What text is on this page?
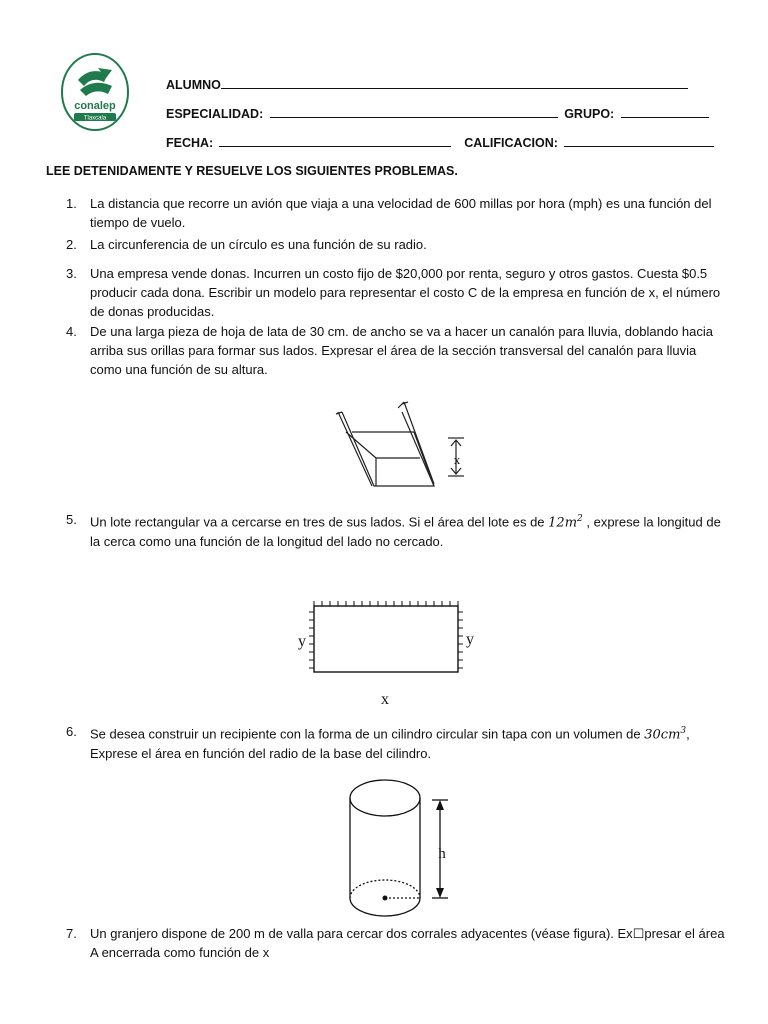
conalep
Tlaxcala
ALUMNO
ESPECIALIDAD:	GRUPO:
FECHA:	CALIFICACION:
LEE DETENIDAMENTE Y RESUELVE LOS SIGUIENTES PROBLEMAS.
1.	La distancia que recorre un avión que viaja a una velocidad de 600 millas por hora (mph) es una función del tiempo de vuelo.
2.	La circunferencia de un círculo es una función de su radio.
3.	Una empresa vende donas. Incurren un costo fijo de $20,000 por renta, seguro y otros gastos. Cuesta $0.5 producir cada dona. Escribir un modelo para representar el costo C de la empresa en función de x, el número de donas producidas.
4.	De una larga pieza de hoja de lata de 30 cm. de ancho se va a hacer un canalón para lluvia, doblando hacia arriba sus orillas para formar sus lados. Expresar el área de la sección transversal del canalón para lluvia como una función de su altura.
5.	Un lote rectangular va a cercarse en tres de sus lados. Si el área del lote es de $12m^2$ , exprese la longitud de la cerca como una función de la longitud del lado no cercado.
6.	Se desea construir un recipiente con la forma de un cilindro circular sin tapa con un volumen de $30cm^3$, Exprese el área en función del radio de la base del cilindro.
7.	Un granjero dispone de 200 m de valla para cercar dos corrales adyacentes (véase figura). Ex☐presar el área A encerrada como función de x
x
y	y
x
h
